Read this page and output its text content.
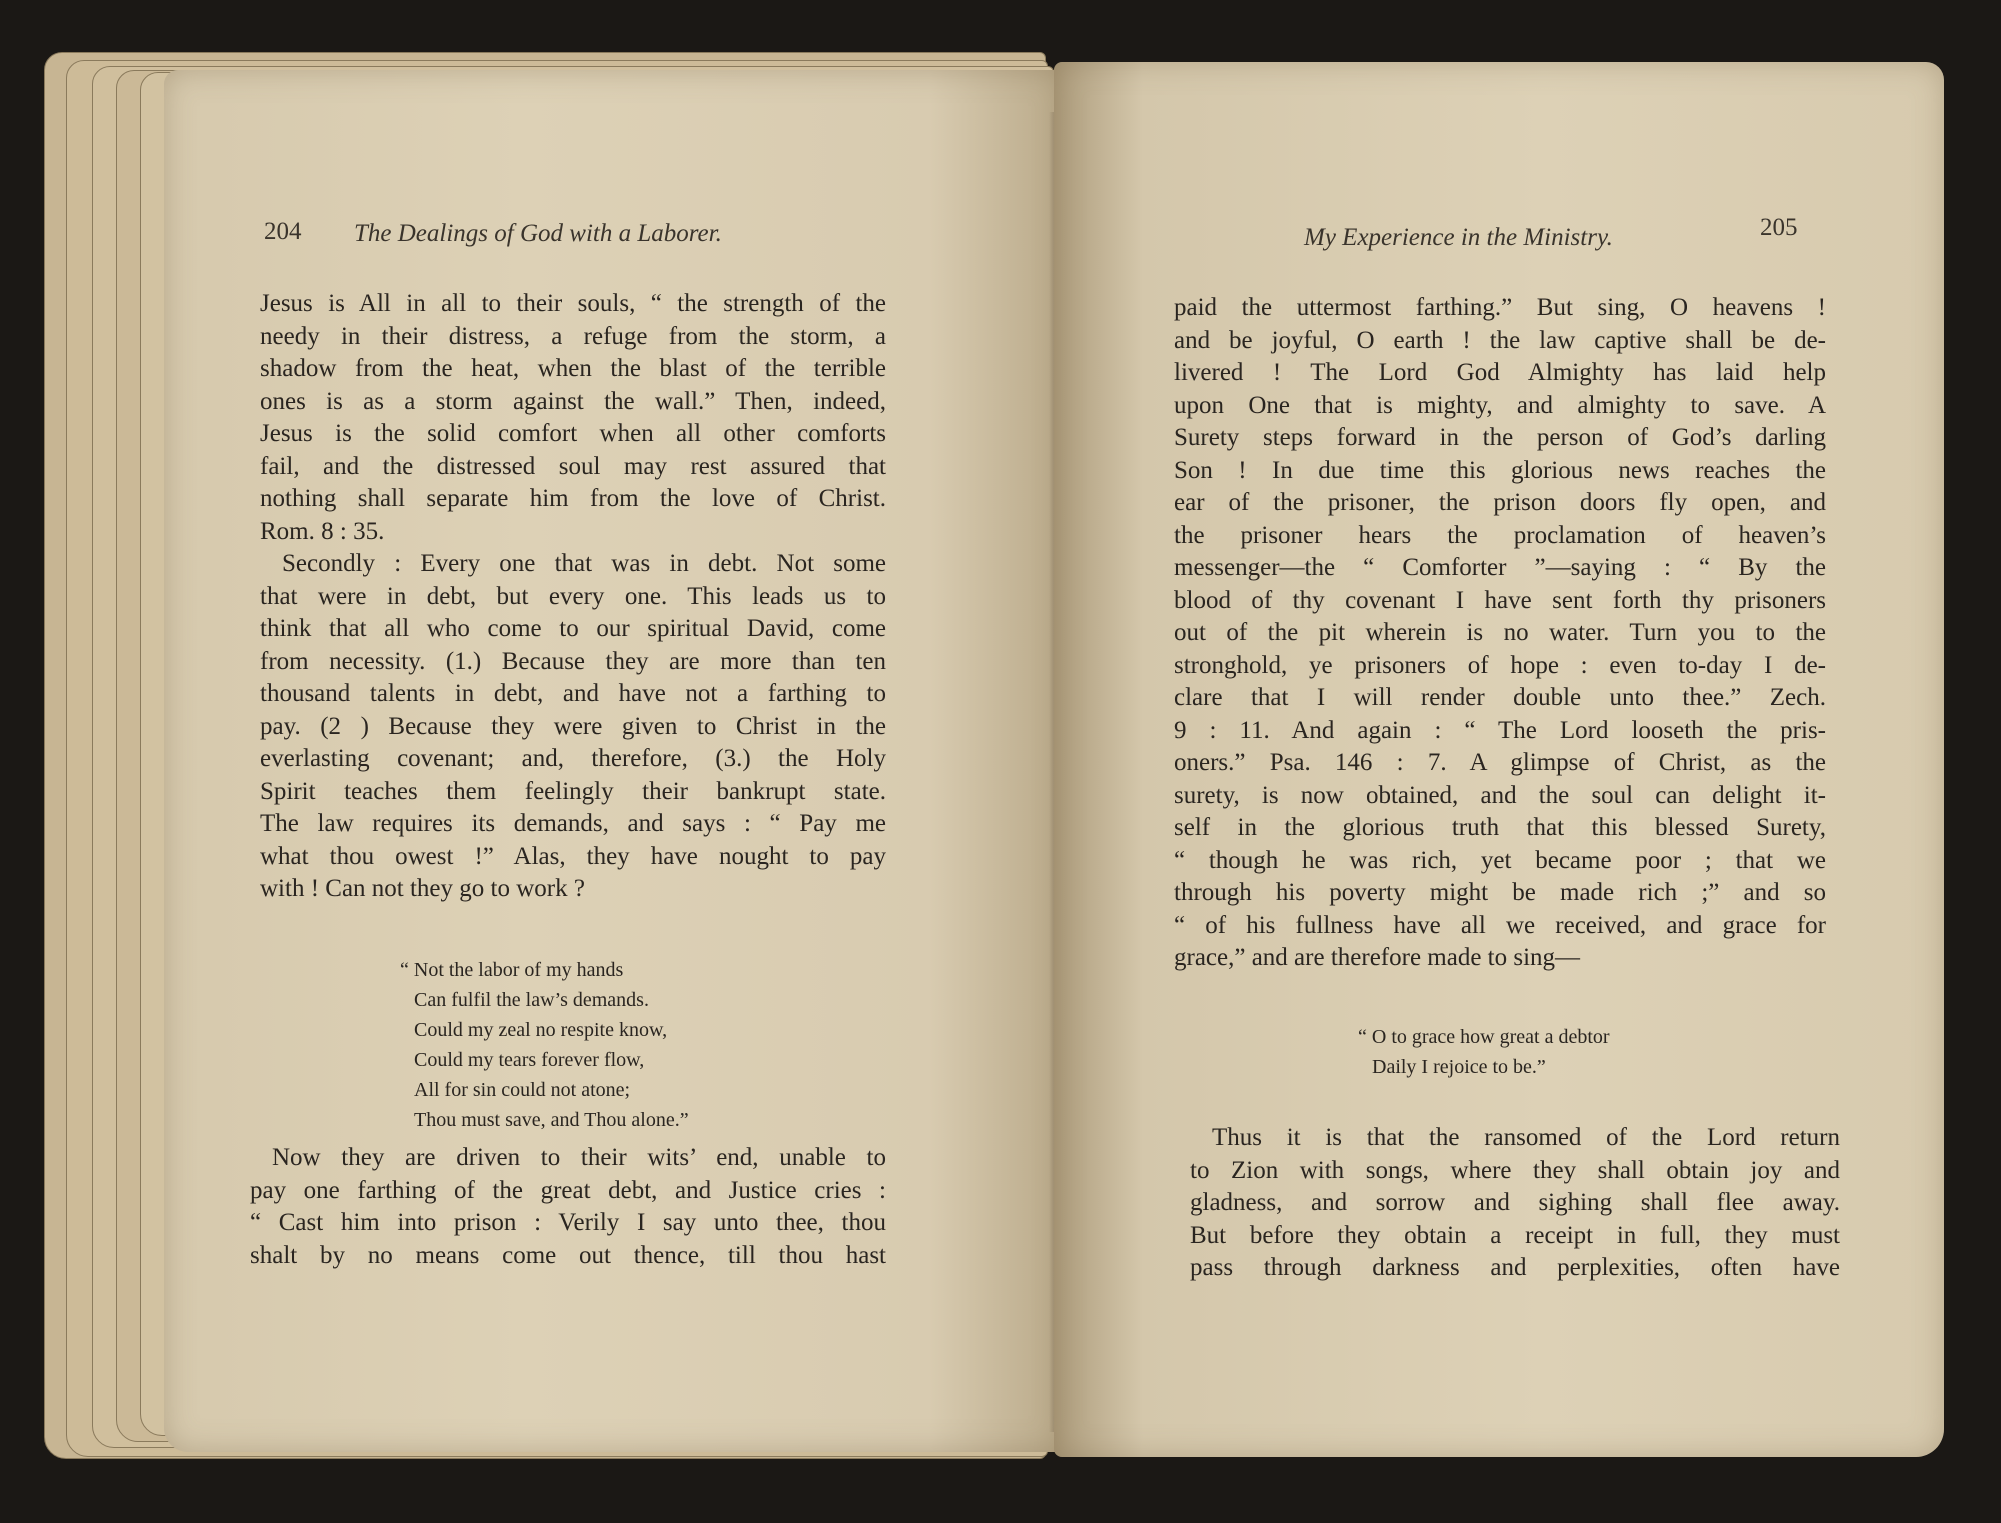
204 The Dealings of God with a Laborer.
Jesus is All in all to their souls, “ the strength of the
needy in their distress, a refuge from the storm, a
shadow from the heat, when the blast of the terrible
ones is as a storm against the wall.” Then, indeed,
Jesus is the solid comfort when all other comforts
fail, and the distressed soul may rest assured that
nothing shall separate him from the love of Christ.
Rom. 8 : 35.
Secondly : Every one that was in debt. Not some
that were in debt, but every one. This leads us to
think that all who come to our spiritual David, come
from necessity. (1.) Because they are more than ten
thousand talents in debt, and have not a farthing to
pay. (2 ) Because they were given to Christ in the
everlasting covenant; and, therefore, (3.) the Holy
Spirit teaches them feelingly their bankrupt state.
The law requires its demands, and says : “ Pay me
what thou owest !” Alas, they have nought to pay
with ! Can not they go to work ?
“ Not the labor of my hands
Can fulfil the law’s demands.
Could my zeal no respite know,
Could my tears forever flow,
All for sin could not atone;
Thou must save, and Thou alone.”
Now they are driven to their wits’ end, unable to
pay one farthing of the great debt, and Justice cries :
“ Cast him into prison : Verily I say unto thee, thou
shalt by no means come out thence, till thou hast
My Experience in the Ministry.	205
paid the uttermost farthing.” But sing, O heavens !
and be joyful, O earth ! the law captive shall be de-
livered ! The Lord God Almighty has laid help
upon One that is mighty, and almighty to save. A
Surety steps forward in the person of God’s darling
Son ! In due time this glorious news reaches the
ear of the prisoner, the prison doors fly open, and
the prisoner hears the proclamation of heaven’s
messenger—the “ Comforter ”—saying : “ By the
blood of thy covenant I have sent forth thy prisoners
out of the pit wherein is no water. Turn you to the
stronghold, ye prisoners of hope : even to-day I de-
clare that I will render double unto thee.” Zech.
9 : 11. And again : “ The Lord looseth the pris-
oners.” Psa. 146 : 7. A glimpse of Christ, as the
surety, is now obtained, and the soul can delight it-
self in the glorious truth that this blessed Surety,
“ though he was rich, yet became poor ; that we
through his poverty might be made rich ;” and so
“ of his fullness have all we received, and grace for
grace,” and are therefore made to sing—
“ O to grace how great a debtor
Daily I rejoice to be.”
Thus it is that the ransomed of the Lord return
to Zion with songs, where they shall obtain joy and
gladness, and sorrow and sighing shall flee away.
But before they obtain a receipt in full, they must
pass through darkness and perplexities, often have
